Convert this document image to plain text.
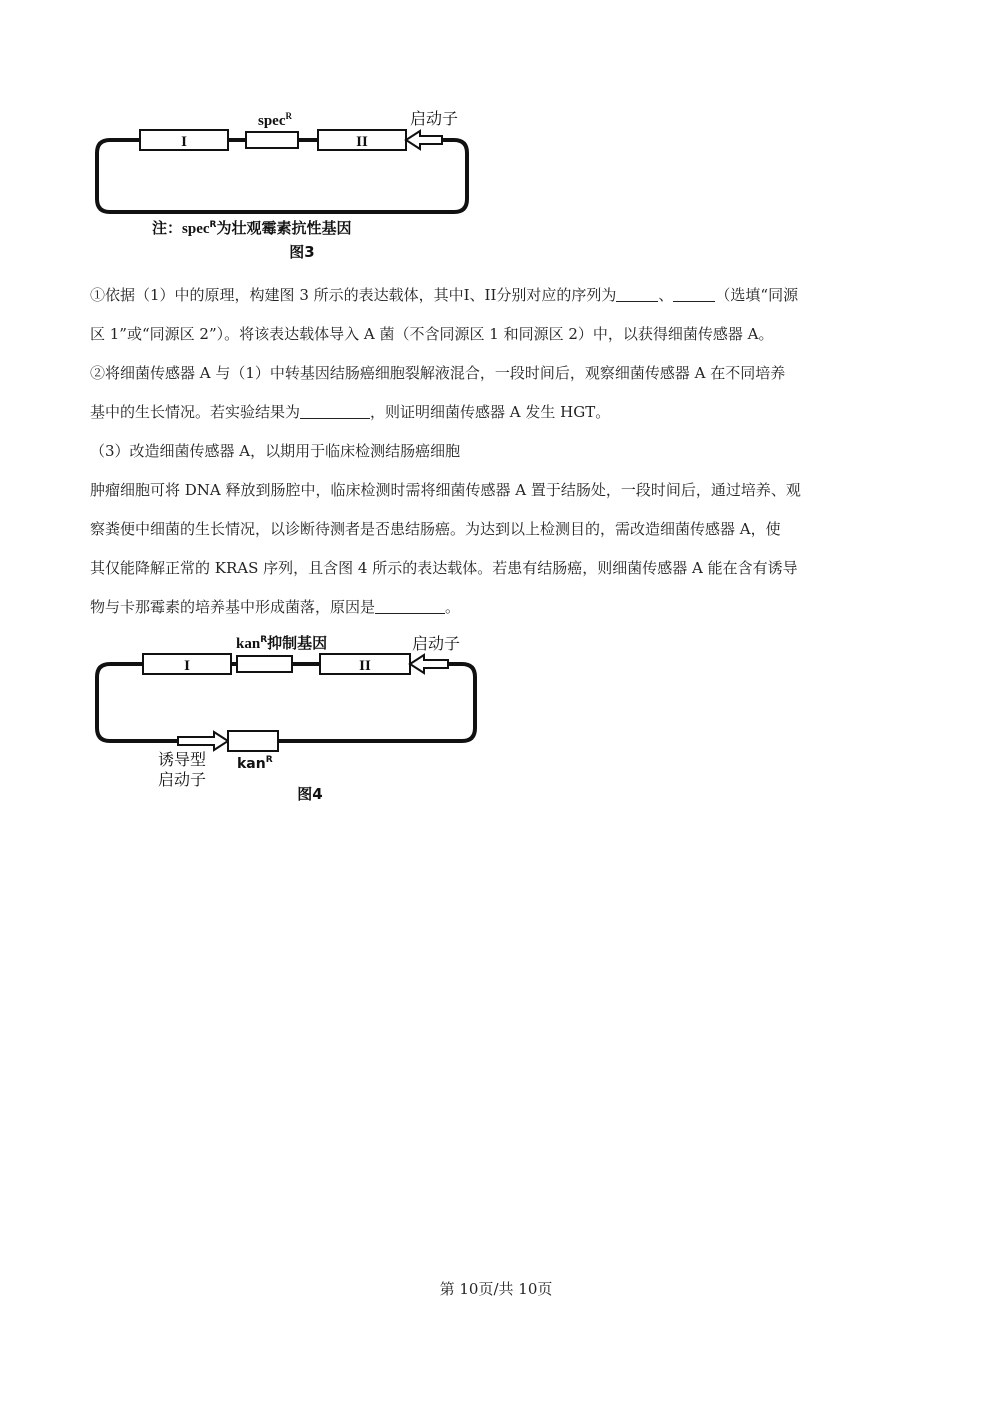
I
spec$^R$
II
启动子
注：spec$^R$为壮观霉素抗性基因
图3

①依据（1）中的原理，构建图 3 所示的表达载体，其中I、II分别对应的序列为	、	（选填“同源

区 1”或“同源区 2”）。将该表达载体导入 A 菌（不含同源区 1 和同源区 2）中，以获得细菌传感器 A。

②将细菌传感器 A 与（1）中转基因结肠癌细胞裂解液混合，一段时间后，观察细菌传感器 A 在不同培养

基中的生长情况。若实验结果为	，则证明细菌传感器 A 发生 HGT。

（3）改造细菌传感器 A，以期用于临床检测结肠癌细胞

肿瘤细胞可将 DNA 释放到肠腔中，临床检测时需将细菌传感器 A 置于结肠处，一段时间后，通过培养、观

察粪便中细菌的生长情况，以诊断待测者是否患结肠癌。为达到以上检测目的，需改造细菌传感器 A，使

其仅能降解正常的 KRAS 序列，且含图 4 所示的表达载体。若患有结肠癌，则细菌传感器 A 能在含有诱导

物与卡那霉素的培养基中形成菌落，原因是	。

I
kan$^R$抑制基因
II
启动子
kan$^R$
诱导型
启动子
图4
第 10页/共 10页
